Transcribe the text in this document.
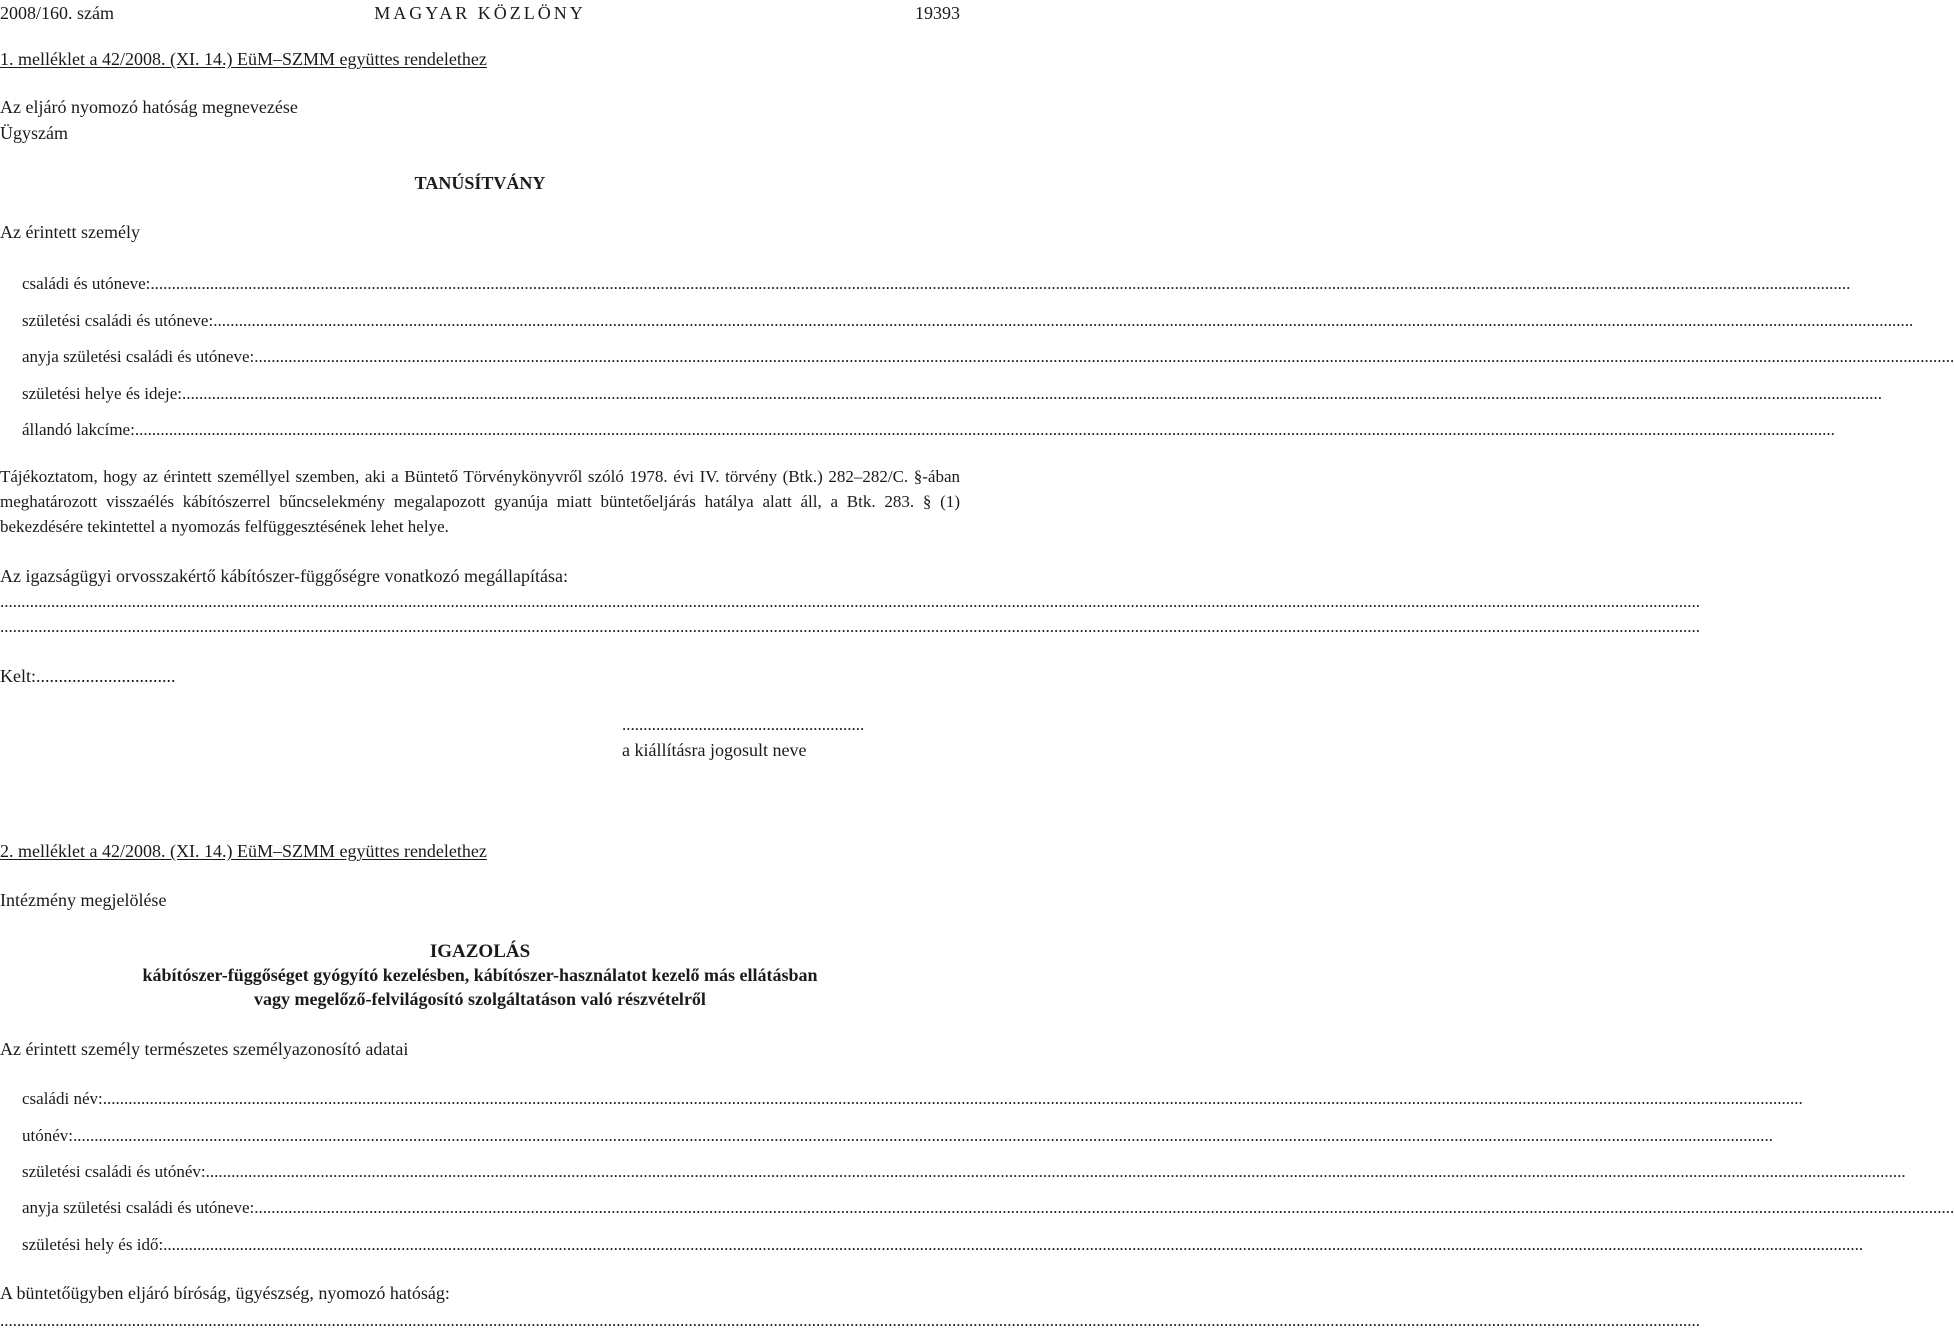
2008/160. szám	MAGYAR KÖZLÖNY	19393
1. melléklet a 42/2008. (XI. 14.) EüM–SZMM együttes rendelethez
Az eljáró nyomozó hatóság megnevezése
Ügyszám
TANÚSÍTVÁNY
Az érintett személy
családi és utóneve:................................................................................................................................................................................................................................................................................................................................................................................................................
születési családi és utóneve:................................................................................................................................................................................................................................................................................................................................................................................................................
anyja születési családi és utóneve:................................................................................................................................................................................................................................................................................................................................................................................................................
születési helye és ideje:................................................................................................................................................................................................................................................................................................................................................................................................................
állandó lakcíme:................................................................................................................................................................................................................................................................................................................................................................................................................
Tájékoztatom, hogy az érintett személlyel szemben, aki a Büntető Törvénykönyvről szóló 1978. évi IV. törvény (Btk.) 282–282/C. §-ában meghatározott visszaélés kábítószerrel bűncselekmény megalapozott gyanúja miatt büntetőeljárás hatálya alatt áll, a Btk. 283. § (1) bekezdésére tekintettel a nyomozás felfüggesztésének lehet helye.
Az igazságügyi orvosszakértő kábítószer-függőségre vonatkozó megállapítása:
................................................................................................................................................................................................................................................................................................................................................................................................................
................................................................................................................................................................................................................................................................................................................................................................................................................
Kelt:...............................
.........................................................
a kiállításra jogosult neve
2. melléklet a 42/2008. (XI. 14.) EüM–SZMM együttes rendelethez
Intézmény megjelölése
IGAZOLÁS
kábítószer-függőséget gyógyító kezelésben, kábítószer-használatot kezelő más ellátásban
vagy megelőző-felvilágosító szolgáltatáson való részvételről
Az érintett személy természetes személyazonosító adatai
családi név:................................................................................................................................................................................................................................................................................................................................................................................................................
utónév:................................................................................................................................................................................................................................................................................................................................................................................................................
születési családi és utónév:................................................................................................................................................................................................................................................................................................................................................................................................................
anyja születési családi és utóneve:................................................................................................................................................................................................................................................................................................................................................................................................................
születési hely és idő:................................................................................................................................................................................................................................................................................................................................................................................................................
A büntetőügyben eljáró bíróság, ügyészség, nyomozó hatóság:
................................................................................................................................................................................................................................................................................................................................................................................................................
